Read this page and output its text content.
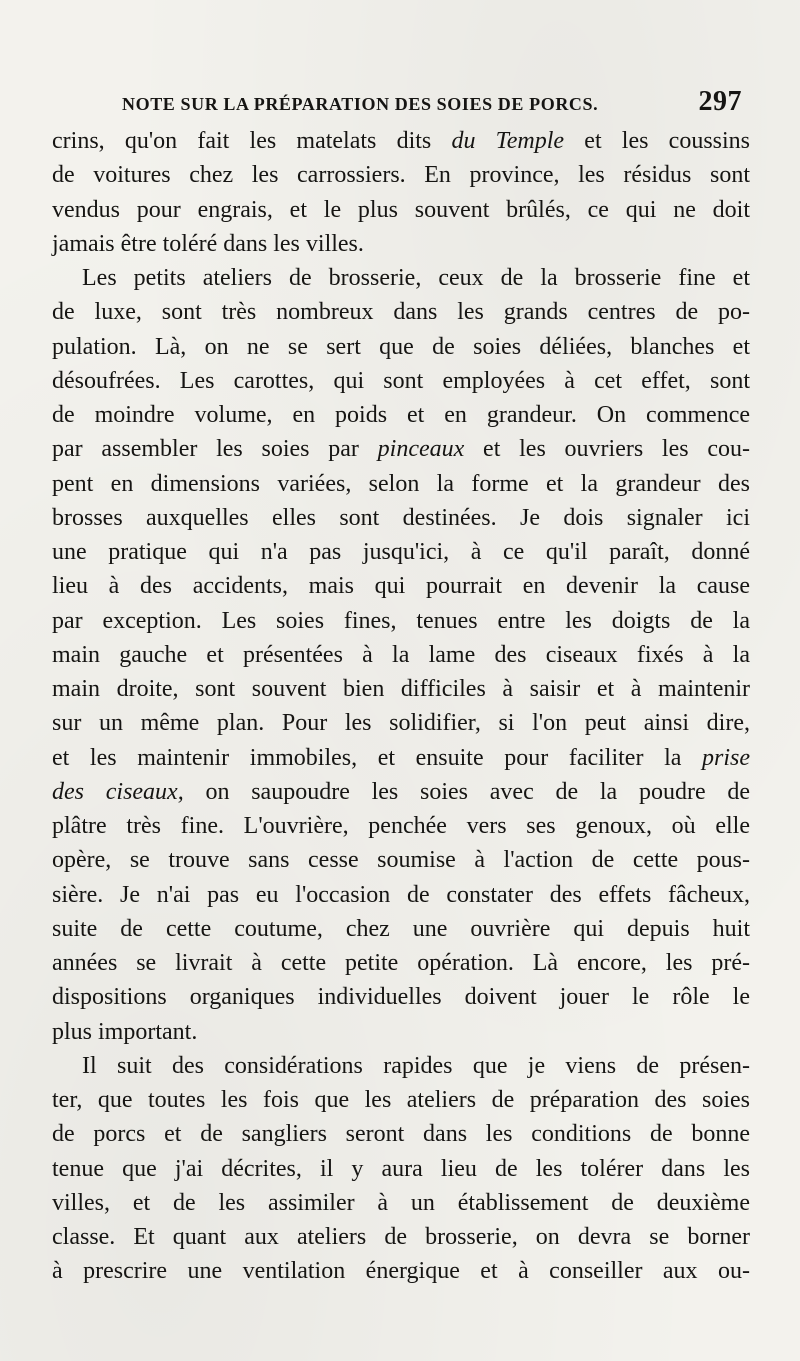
NOTE SUR LA PRÉPARATION DES SOIES DE PORCS.	297
crins, qu'on fait les matelats dits du Temple et les coussins
de voitures chez les carrossiers. En province, les résidus sont
vendus pour engrais, et le plus souvent brûlés, ce qui ne doit
jamais être toléré dans les villes.
Les petits ateliers de brosserie, ceux de la brosserie fine et
de luxe, sont très nombreux dans les grands centres de po-
pulation. Là, on ne se sert que de soies déliées, blanches et
désoufrées. Les carottes, qui sont employées à cet effet, sont
de moindre volume, en poids et en grandeur. On commence
par assembler les soies par pinceaux et les ouvriers les cou-
pent en dimensions variées, selon la forme et la grandeur des
brosses auxquelles elles sont destinées. Je dois signaler ici
une pratique qui n'a pas jusqu'ici, à ce qu'il paraît, donné
lieu à des accidents, mais qui pourrait en devenir la cause
par exception. Les soies fines, tenues entre les doigts de la
main gauche et présentées à la lame des ciseaux fixés à la
main droite, sont souvent bien difficiles à saisir et à maintenir
sur un même plan. Pour les solidifier, si l'on peut ainsi dire,
et les maintenir immobiles, et ensuite pour faciliter la prise
des ciseaux, on saupoudre les soies avec de la poudre de
plâtre très fine. L'ouvrière, penchée vers ses genoux, où elle
opère, se trouve sans cesse soumise à l'action de cette pous-
sière. Je n'ai pas eu l'occasion de constater des effets fâcheux,
suite de cette coutume, chez une ouvrière qui depuis huit
années se livrait à cette petite opération. Là encore, les pré-
dispositions organiques individuelles doivent jouer le rôle le
plus important.
Il suit des considérations rapides que je viens de présen-
ter, que toutes les fois que les ateliers de préparation des soies
de porcs et de sangliers seront dans les conditions de bonne
tenue que j'ai décrites, il y aura lieu de les tolérer dans les
villes, et de les assimiler à un établissement de deuxième
classe. Et quant aux ateliers de brosserie, on devra se borner
à prescrire une ventilation énergique et à conseiller aux ou-
